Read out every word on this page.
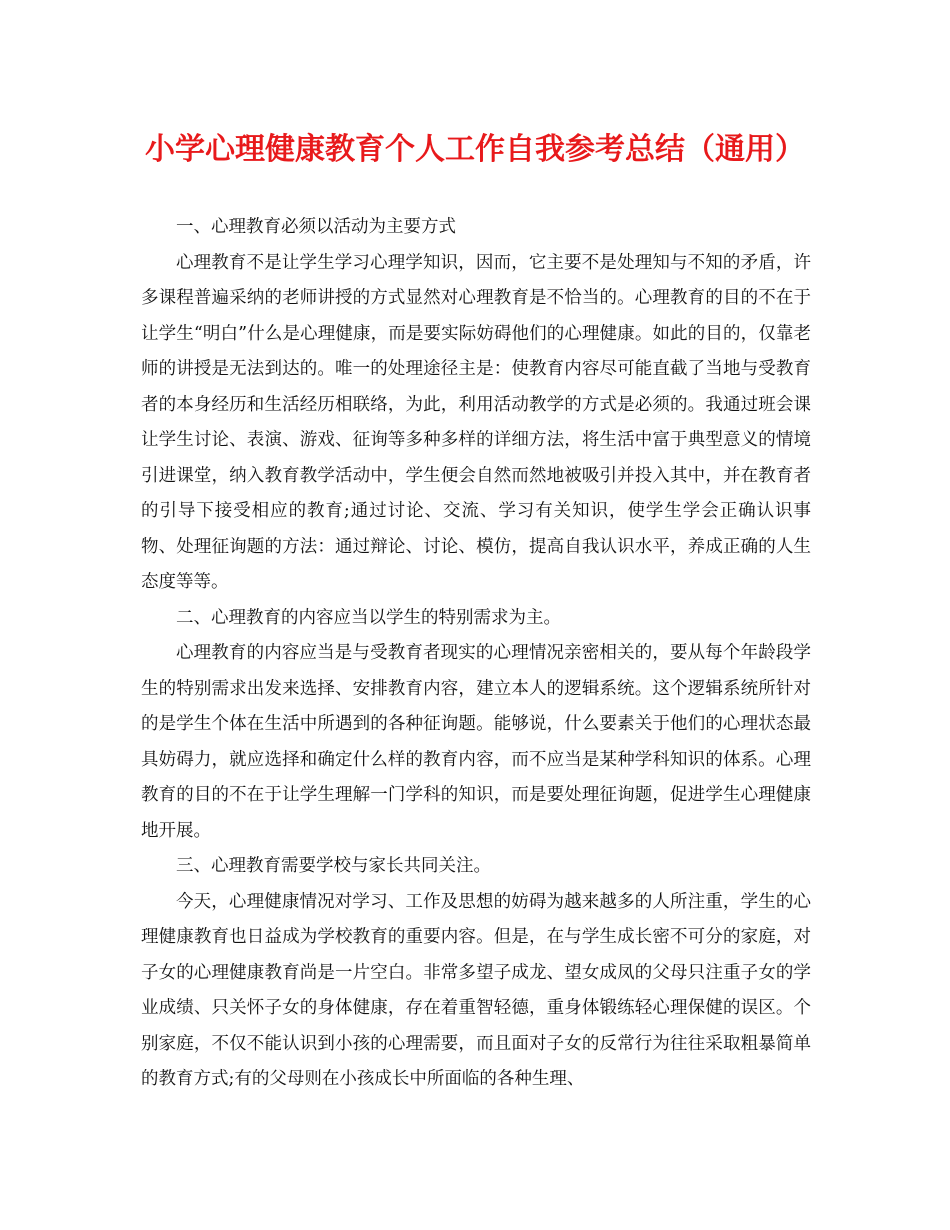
小学心理健康教育个人工作自我参考总结（通用）

一、心理教育必须以活动为主要方式

心理教育不是让学生学习心理学知识，因而，它主要不是处理知与不知的矛盾，许多课程普遍采纳的老师讲授的方式显然对心理教育是不恰当的。心理教育的目的不在于让学生“明白”什么是心理健康，而是要实际妨碍他们的心理健康。如此的目的，仅靠老师的讲授是无法到达的。唯一的处理途径主是：使教育内容尽可能直截了当地与受教育者的本身经历和生活经历相联络，为此，利用活动教学的方式是必须的。我通过班会课让学生讨论、表演、游戏、征询等多种多样的详细方法，将生活中富于典型意义的情境引进课堂，纳入教育教学活动中，学生便会自然而然地被吸引并投入其中，并在教育者的引导下接受相应的教育;通过讨论、交流、学习有关知识，使学生学会正确认识事物、处理征询题的方法：通过辩论、讨论、模仿，提高自我认识水平，养成正确的人生态度等等。

二、心理教育的内容应当以学生的特别需求为主。

心理教育的内容应当是与受教育者现实的心理情况亲密相关的，要从每个年龄段学生的特别需求出发来选择、安排教育内容，建立本人的逻辑系统。这个逻辑系统所针对的是学生个体在生活中所遇到的各种征询题。能够说，什么要素关于他们的心理状态最具妨碍力，就应选择和确定什么样的教育内容，而不应当是某种学科知识的体系。心理教育的目的不在于让学生理解一门学科的知识，而是要处理征询题，促进学生心理健康地开展。

三、心理教育需要学校与家长共同关注。

今天，心理健康情况对学习、工作及思想的妨碍为越来越多的人所注重，学生的心理健康教育也日益成为学校教育的重要内容。但是，在与学生成长密不可分的家庭，对子女的心理健康教育尚是一片空白。非常多望子成龙、望女成凤的父母只注重子女的学业成绩、只关怀子女的身体健康，存在着重智轻德，重身体锻练轻心理保健的误区。个别家庭，不仅不能认识到小孩的心理需要，而且面对子女的反常行为往往采取粗暴简单的教育方式;有的父母则在小孩成长中所面临的各种生理、
